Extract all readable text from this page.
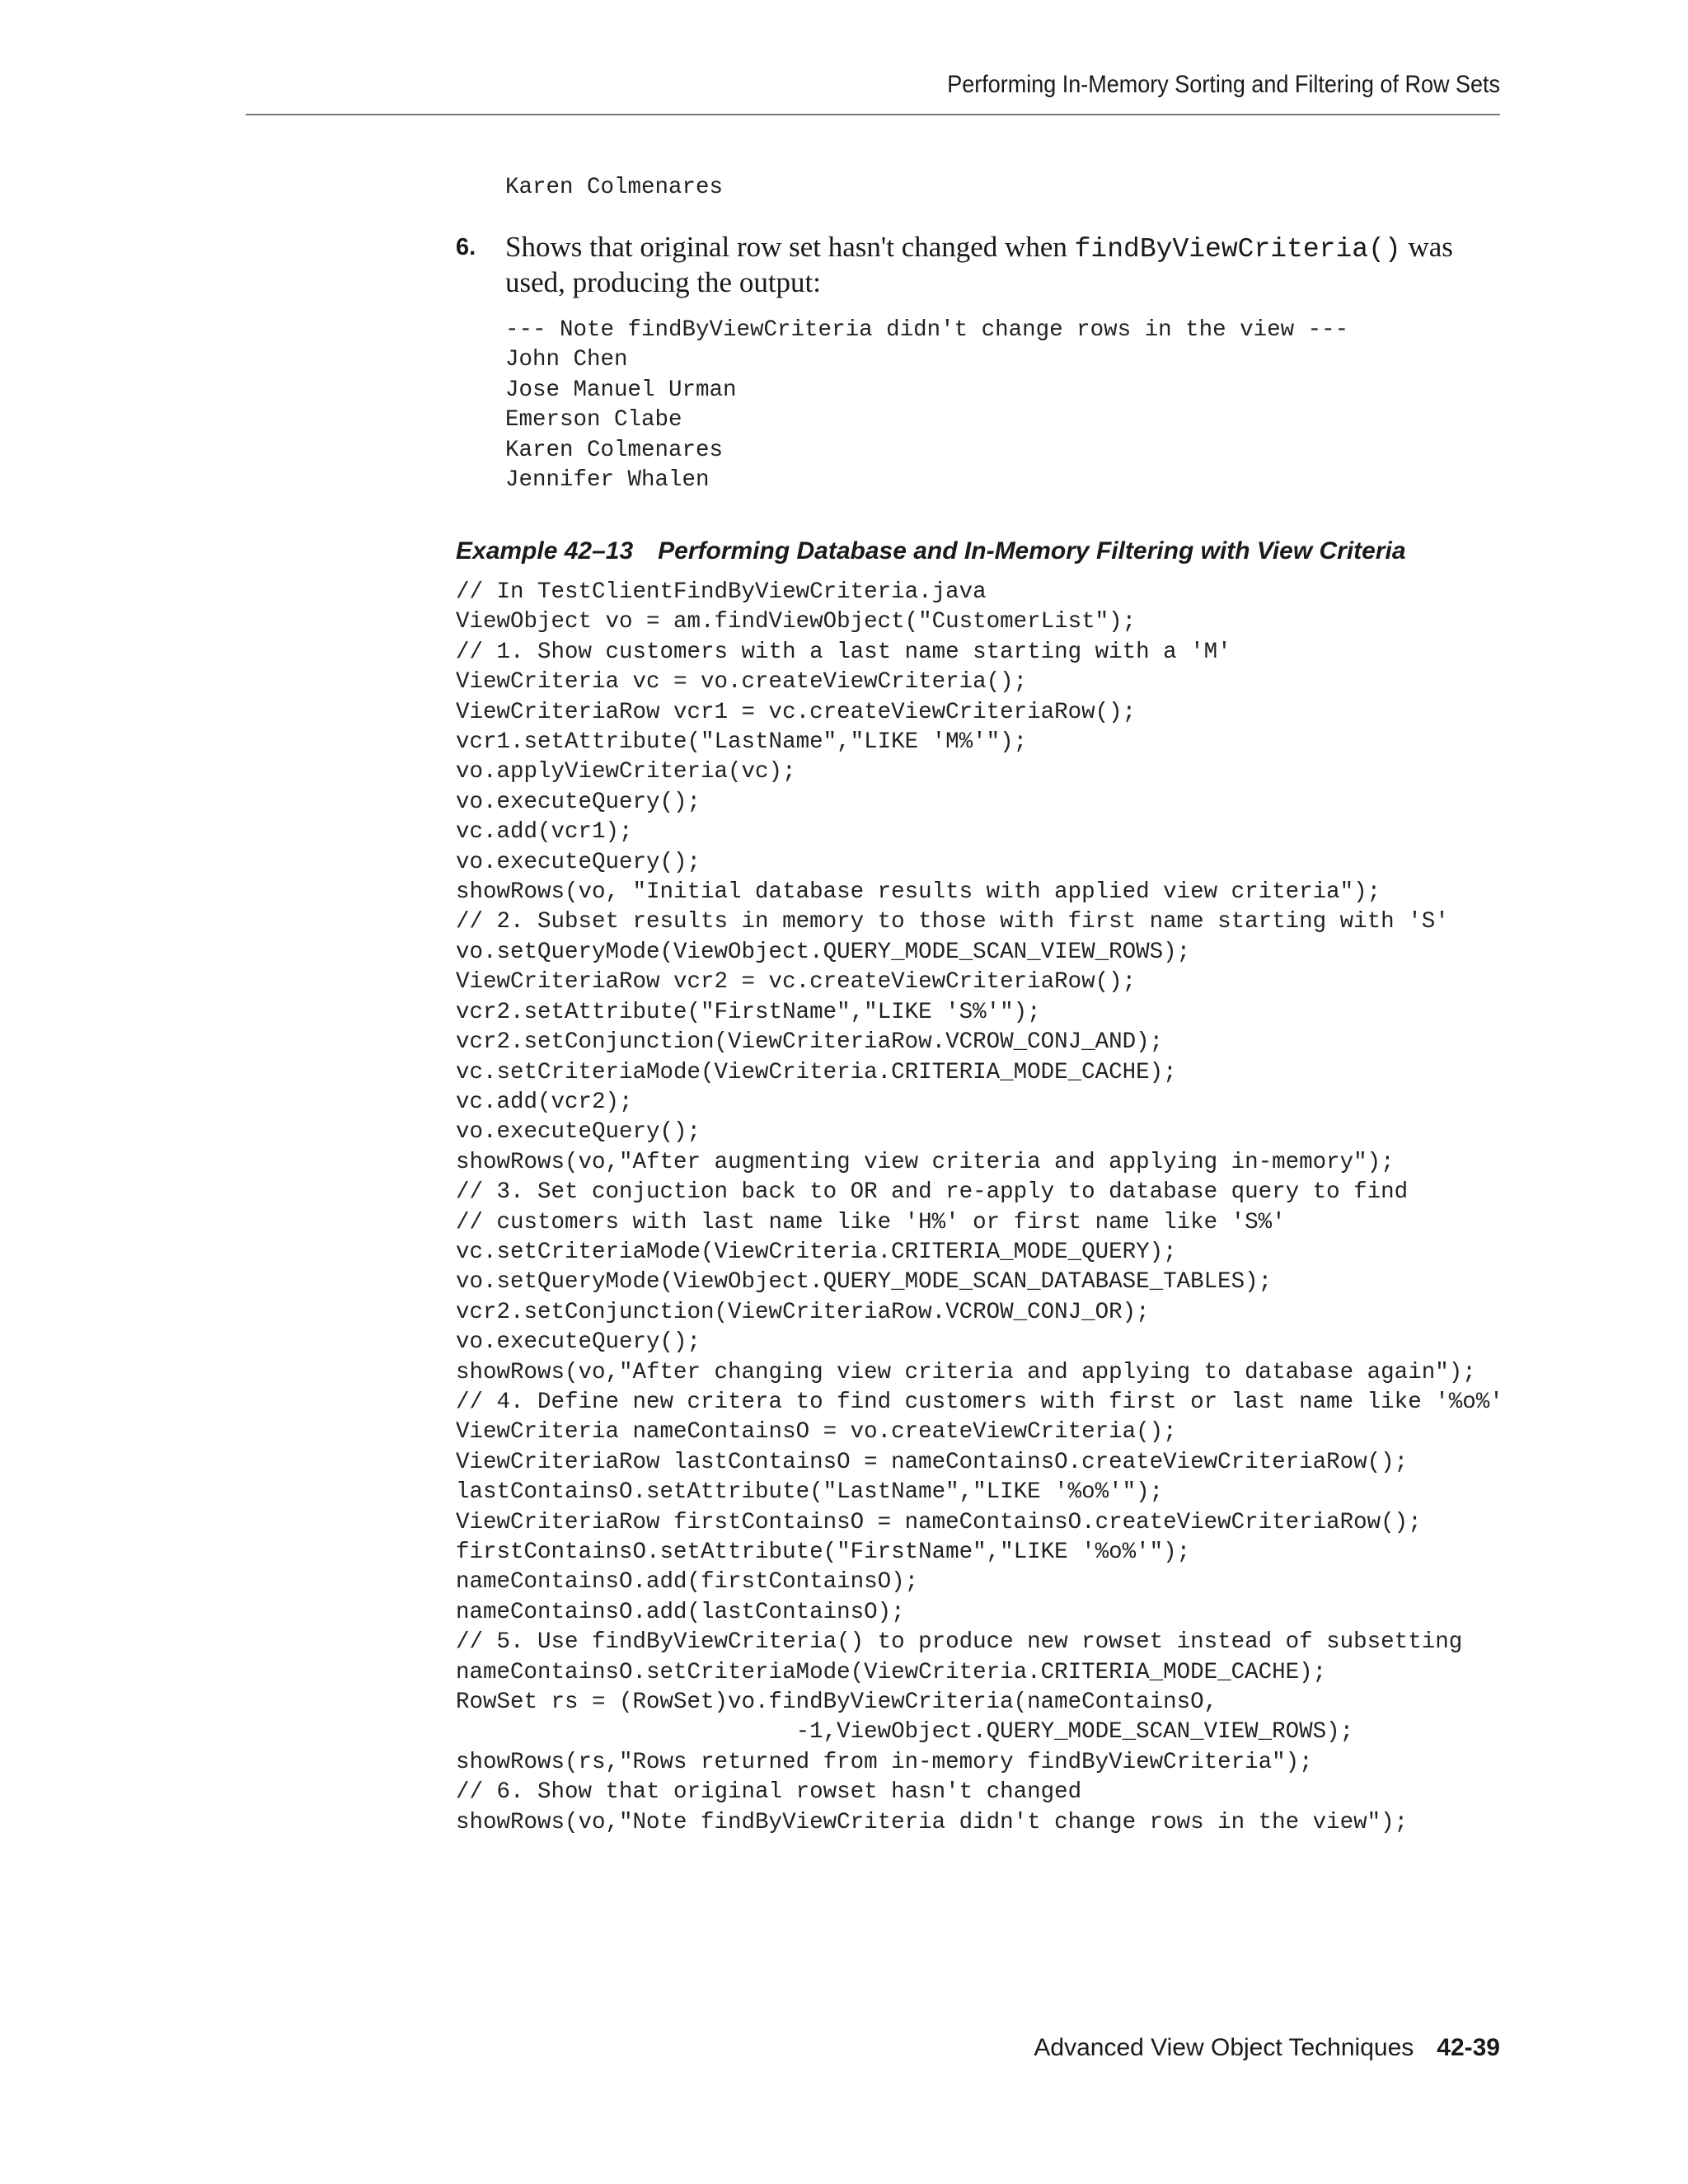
Performing In-Memory Sorting and Filtering of Row Sets
Karen Colmenares
6. Shows that original row set hasn't changed when findByViewCriteria() was used, producing the output:
--- Note findByViewCriteria didn't change rows in the view ---
John Chen
Jose Manuel Urman
Emerson Clabe
Karen Colmenares
Jennifer Whalen
Example 42–13 Performing Database and In-Memory Filtering with View Criteria
// In TestClientFindByViewCriteria.java
ViewObject vo = am.findViewObject("CustomerList");
// 1. Show customers with a last name starting with a 'M'
ViewCriteria vc = vo.createViewCriteria();
ViewCriteriaRow vcr1 = vc.createViewCriteriaRow();
vcr1.setAttribute("LastName","LIKE 'M%'");
vo.applyViewCriteria(vc);
vo.executeQuery();
vc.add(vcr1);
vo.executeQuery();
showRows(vo, "Initial database results with applied view criteria");
// 2. Subset results in memory to those with first name starting with 'S'
vo.setQueryMode(ViewObject.QUERY_MODE_SCAN_VIEW_ROWS);
ViewCriteriaRow vcr2 = vc.createViewCriteriaRow();
vcr2.setAttribute("FirstName","LIKE 'S%'");
vcr2.setConjunction(ViewCriteriaRow.VCROW_CONJ_AND);
vc.setCriteriaMode(ViewCriteria.CRITERIA_MODE_CACHE);
vc.add(vcr2);
vo.executeQuery();
showRows(vo,"After augmenting view criteria and applying in-memory");
// 3. Set conjuction back to OR and re-apply to database query to find
// customers with last name like 'H%' or first name like 'S%'
vc.setCriteriaMode(ViewCriteria.CRITERIA_MODE_QUERY);
vo.setQueryMode(ViewObject.QUERY_MODE_SCAN_DATABASE_TABLES);
vcr2.setConjunction(ViewCriteriaRow.VCROW_CONJ_OR);
vo.executeQuery();
showRows(vo,"After changing view criteria and applying to database again");
// 4. Define new critera to find customers with first or last name like '%o%'
ViewCriteria nameContainsO = vo.createViewCriteria();
ViewCriteriaRow lastContainsO = nameContainsO.createViewCriteriaRow();
lastContainsO.setAttribute("LastName","LIKE '%o%'");
ViewCriteriaRow firstContainsO = nameContainsO.createViewCriteriaRow();
firstContainsO.setAttribute("FirstName","LIKE '%o%'");
nameContainsO.add(firstContainsO);
nameContainsO.add(lastContainsO);
// 5. Use findByViewCriteria() to produce new rowset instead of subsetting
nameContainsO.setCriteriaMode(ViewCriteria.CRITERIA_MODE_CACHE);
RowSet rs = (RowSet)vo.findByViewCriteria(nameContainsO,
-1,ViewObject.QUERY_MODE_SCAN_VIEW_ROWS);
showRows(rs,"Rows returned from in-memory findByViewCriteria");
// 6. Show that original rowset hasn't changed
showRows(vo,"Note findByViewCriteria didn't change rows in the view");
Advanced View Object Techniques 42-39
